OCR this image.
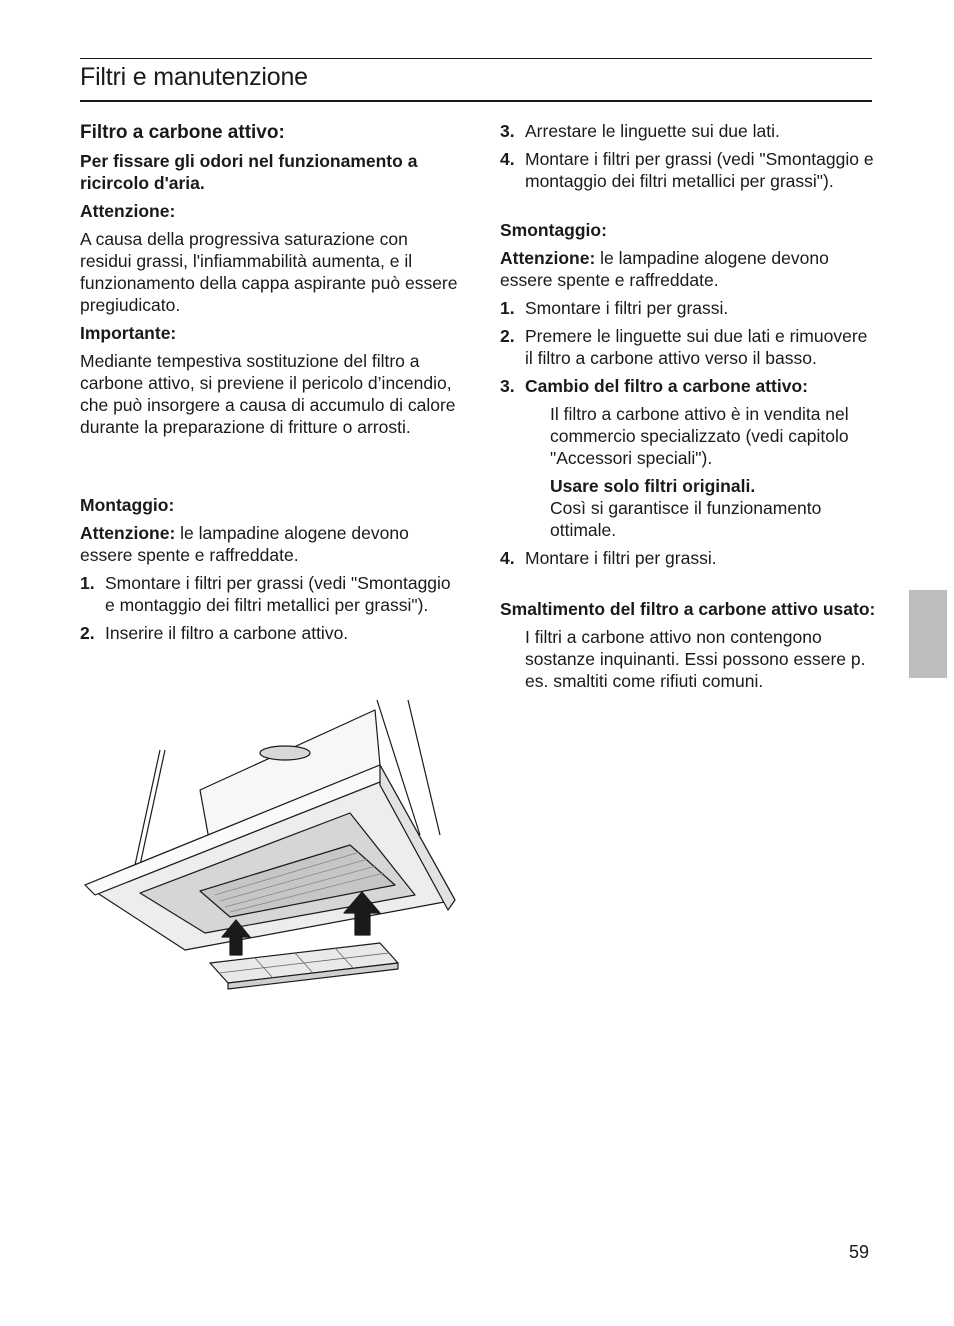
Filtri e manutenzione
Filtro a carbone attivo:

Per fissare gli odori nel funzionamento a ricircolo d'aria.

Attenzione:

A causa della progressiva saturazione con residui grassi, l'infiammabilità aumenta, e il funzionamento della cappa aspirante può essere pregiudicato.

Importante:

Mediante tempestiva sostituzione del filtro a carbone attivo, si previene il pericolo d’incendio, che può insorgere a causa di accumulo di calore durante la preparazione di fritture o arrosti.

Montaggio:

Attenzione: le lampadine alogene devono essere spente e raffreddate.

1. Smontare i filtri per grassi (vedi "Smontaggio e montaggio dei filtri metallici per grassi").
2. Inserire il filtro a carbone attivo.
3. Arrestare le linguette sui due lati.
4. Montare i filtri per grassi (vedi "Smontaggio e montaggio dei filtri metallici per grassi").

Smontaggio:

Attenzione: le lampadine alogene devono essere spente e raffreddate.

1. Smontare i filtri per grassi.
2. Premere le linguette sui due lati e rimuovere il filtro a carbone attivo verso il basso.
3. Cambio del filtro a carbone attivo:

Il filtro a carbone attivo è in vendita nel commercio specializzato (vedi capitolo "Accessori speciali").

Usare solo filtri originali.
Così si garantisce il funzionamento ottimale.

4. Montare i filtri per grassi.

Smaltimento del filtro a carbone attivo usato:

I filtri a carbone attivo non contengono sostanze inquinanti. Essi possono essere p. es. smaltiti come rifiuti comuni.

59
